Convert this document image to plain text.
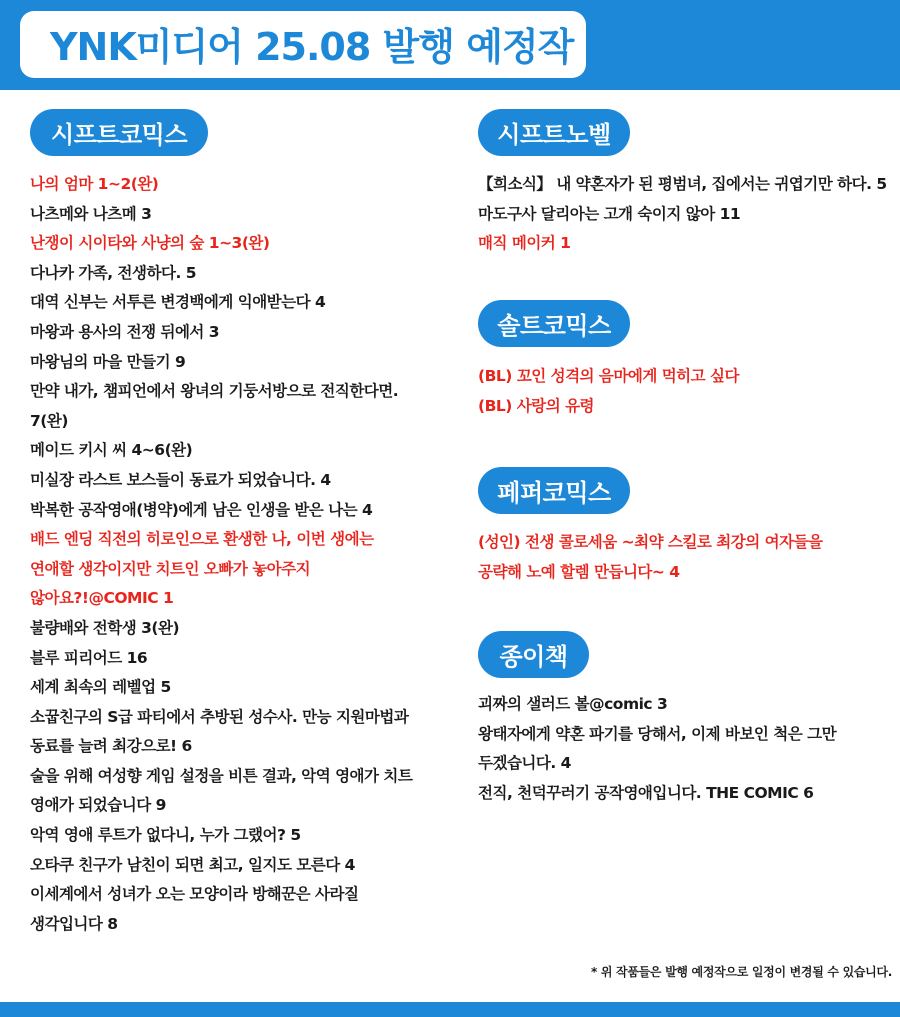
YNK미디어 25.08 발행 예정작
시프트코믹스
나의 엄마 1~2(완)
나츠메와 나츠메 3
난쟁이 시이타와 사냥의 숲 1~3(완)
다나카 가족, 전생하다. 5
대역 신부는 서투른 변경백에게 익애받는다 4
마왕과 용사의 전쟁 뒤에서 3
마왕님의 마을 만들기 9
만약 내가, 챔피언에서 왕녀의 기둥서방으로 전직한다면.
7(완)
메이드 키시 씨 4~6(완)
미실장 라스트 보스들이 동료가 되었습니다. 4
박복한 공작영애(병약)에게 남은 인생을 받은 나는 4
배드 엔딩 직전의 히로인으로 환생한 나, 이번 생에는
연애할 생각이지만 치트인 오빠가 놓아주지
않아요?!@COMIC 1
불량배와 전학생 3(완)
블루 피리어드 16
세계 최속의 레벨업 5
소꿉친구의 S급 파티에서 추방된 성수사. 만능 지원마법과
동료를 늘려 최강으로! 6
술을 위해 여성향 게임 설정을 비튼 결과, 악역 영애가 치트
영애가 되었습니다 9
악역 영애 루트가 없다니, 누가 그랬어? 5
오타쿠 친구가 남친이 되면 최고, 일지도 모른다 4
이세계에서 성녀가 오는 모양이라 방해꾼은 사라질
생각입니다 8
시프트노벨
【희소식】 내 약혼자가 된 평범녀, 집에서는 귀엽기만 하다. 5
마도구사 달리아는 고개 숙이지 않아 11
매직 메이커 1
솔트코믹스
(BL) 꼬인 성격의 음마에게 먹히고 싶다
(BL) 사랑의 유령
페퍼코믹스
(성인) 전생 콜로세움 ~최약 스킬로 최강의 여자들을
공략해 노예 할렘 만듭니다~ 4
종이책
괴짜의 샐러드 볼@comic 3
왕태자에게 약혼 파기를 당해서, 이제 바보인 척은 그만
두겠습니다. 4
전직, 천덕꾸러기 공작영애입니다. THE COMIC 6
* 위 작품들은 발행 예정작으로 일정이 변경될 수 있습니다.
